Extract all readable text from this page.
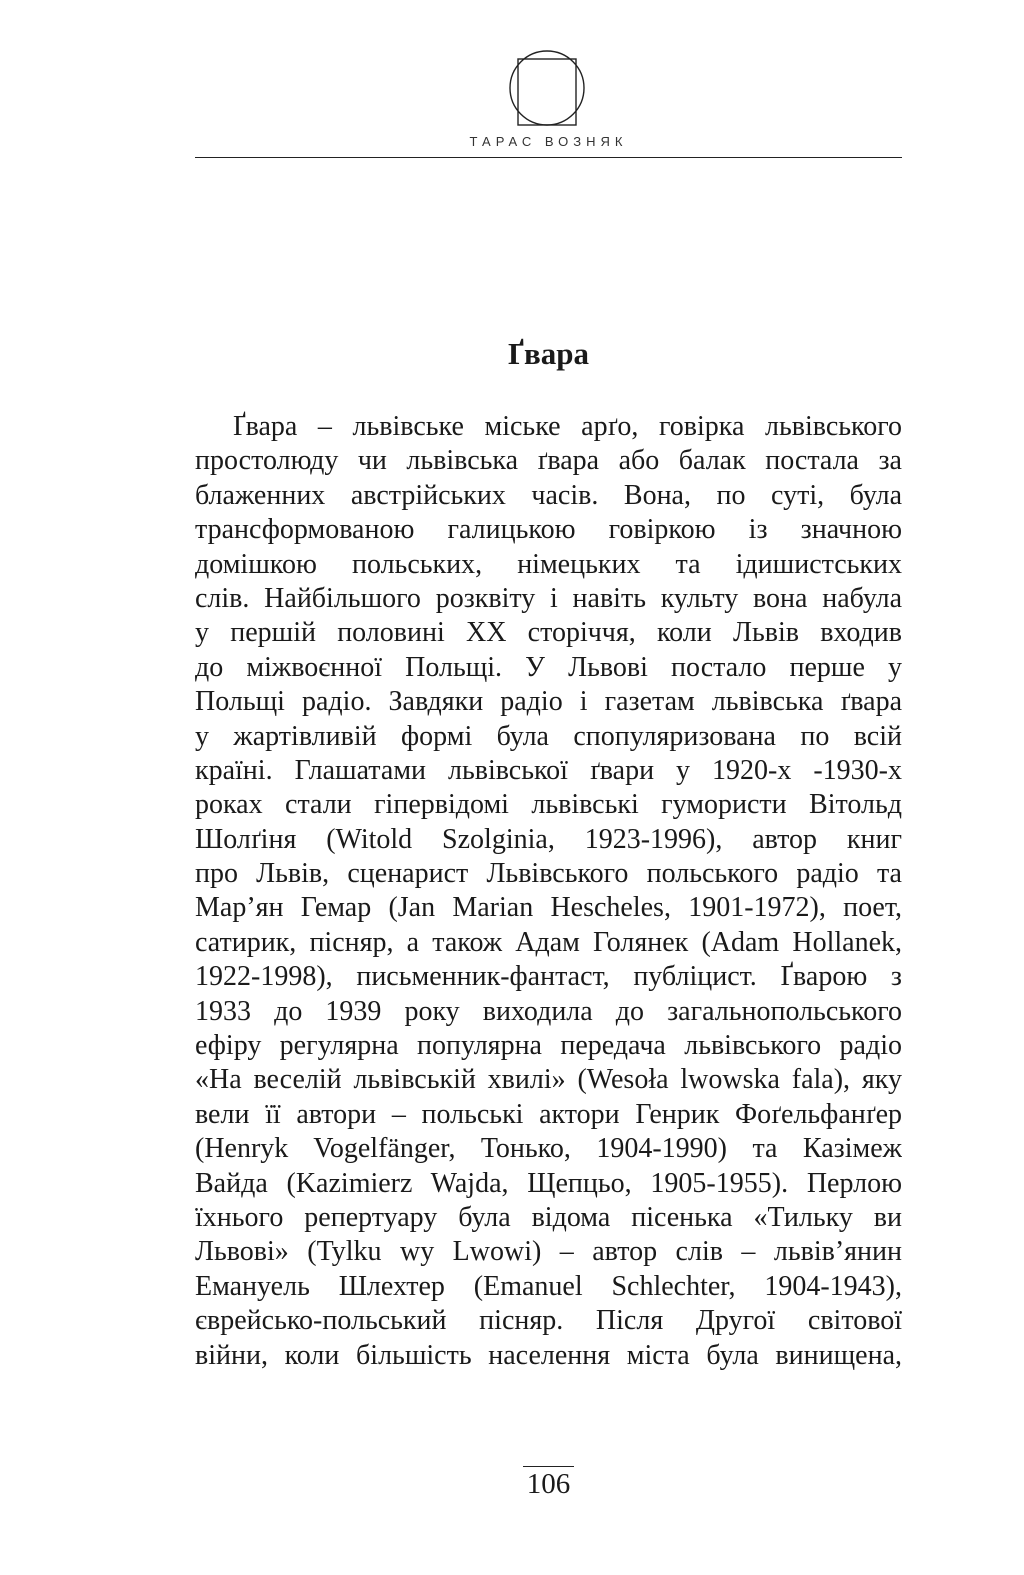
ТАРАС ВОЗНЯК
Ґвара
Ґвара – львівське міське арґо, говірка львівського
простолюду чи львівська ґвара або балак постала за
блаженних австрійських часів. Вона, по суті, була
трансформованою галицькою говіркою із значною
домішкою польських, німецьких та ідишистських
слів. Найбільшого розквіту і навіть культу вона набула
у першій половині ХХ сторіччя, коли Львів входив
до міжвоєнної Польщі. У Львові постало перше у
Польщі радіо. Завдяки радіо і газетам львівська ґвара
у жартівливій формі була спопуляризована по всій
країні. Глашатами львівської ґвари у 1920-х -1930-х
роках стали гіпервідомі львівські гумористи Вітольд
Шолґіня (Witold Szolginia, 1923-1996), автор книг
про Львів, сценарист Львівського польського радіо та
Мар’ян Гемар (Jan Marian Hescheles, 1901-1972), поет,
сатирик, пісняр, а також Адам Голянек (Adam Hollanek,
1922-1998), письменник-фантаст, публіцист. Ґварою з
1933 до 1939 року виходила до загальнопольського
ефіру регулярна популярна передача львівського радіо
«На веселій львівській хвилі» (Wesoła lwowska fala), яку
вели її автори – польські актори Генрик Фоґельфанґер
(Henryk Vogelfänger, Тонько, 1904-1990) та Казімеж
Вайда (Kazimierz Wajda, Щепцьо, 1905-1955). Перлою
їхнього репертуару була відома пісенька «Тильку ви
Львові» (Tylku wy Lwowi) – автор слів – львів’янин
Емануель Шлехтер (Emanuel Schlechter, 1904-1943),
єврейсько-польський пісняр. Після Другої світової
війни, коли більшість населення міста була винищена,
106
